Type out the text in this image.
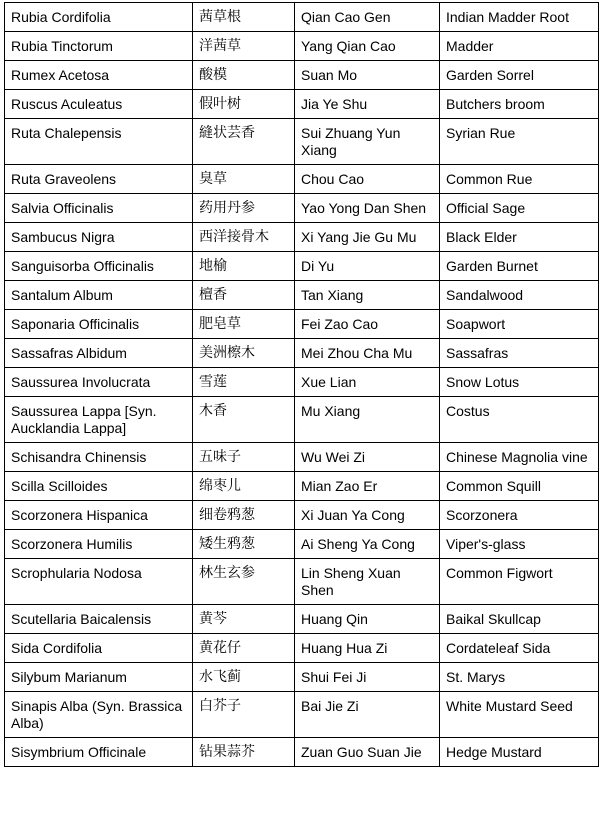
Rubia Cordifolia	茜草根	Qian Cao Gen	Indian Madder Root
Rubia Tinctorum	洋茜草	Yang Qian Cao	Madder
Rumex Acetosa	酸模	Suan Mo	Garden Sorrel
Ruscus Aculeatus	假叶树	Jia Ye Shu	Butchers broom
Ruta Chalepensis	縫状芸香	Sui Zhuang Yun Xiang	Syrian Rue
Ruta Graveolens	臭草	Chou Cao	Common Rue
Salvia Officinalis	药用丹参	Yao Yong Dan Shen	Official Sage
Sambucus Nigra	西洋接骨木	Xi Yang Jie Gu Mu	Black Elder
Sanguisorba Officinalis	地榆	Di Yu	Garden Burnet
Santalum Album	檀香	Tan Xiang	Sandalwood
Saponaria Officinalis	肥皂草	Fei Zao Cao	Soapwort
Sassafras Albidum	美洲檫木	Mei Zhou Cha Mu	Sassafras
Saussurea Involucrata	雪莲	Xue Lian	Snow Lotus
Saussurea Lappa [Syn. Aucklandia Lappa]	木香	Mu Xiang	Costus
Schisandra Chinensis	五味子	Wu Wei Zi	Chinese Magnolia vine
Scilla Scilloides	绵枣儿	Mian Zao Er	Common Squill
Scorzonera Hispanica	细卷鸦葱	Xi Juan Ya Cong	Scorzonera
Scorzonera Humilis	矮生鸦葱	Ai Sheng Ya Cong	Viper's-glass
Scrophularia Nodosa	林生玄参	Lin Sheng Xuan Shen	Common Figwort
Scutellaria Baicalensis	黄芩	Huang Qin	Baikal Skullcap
Sida Cordifolia	黄花仔	Huang Hua Zi	Cordateleaf Sida
Silybum Marianum	水飞蓟	Shui Fei Ji	St. Marys
Sinapis Alba (Syn. Brassica Alba)	白芥子	Bai Jie Zi	White Mustard Seed
Sisymbrium Officinale	钻果蒜芥	Zuan Guo Suan Jie	Hedge Mustard
